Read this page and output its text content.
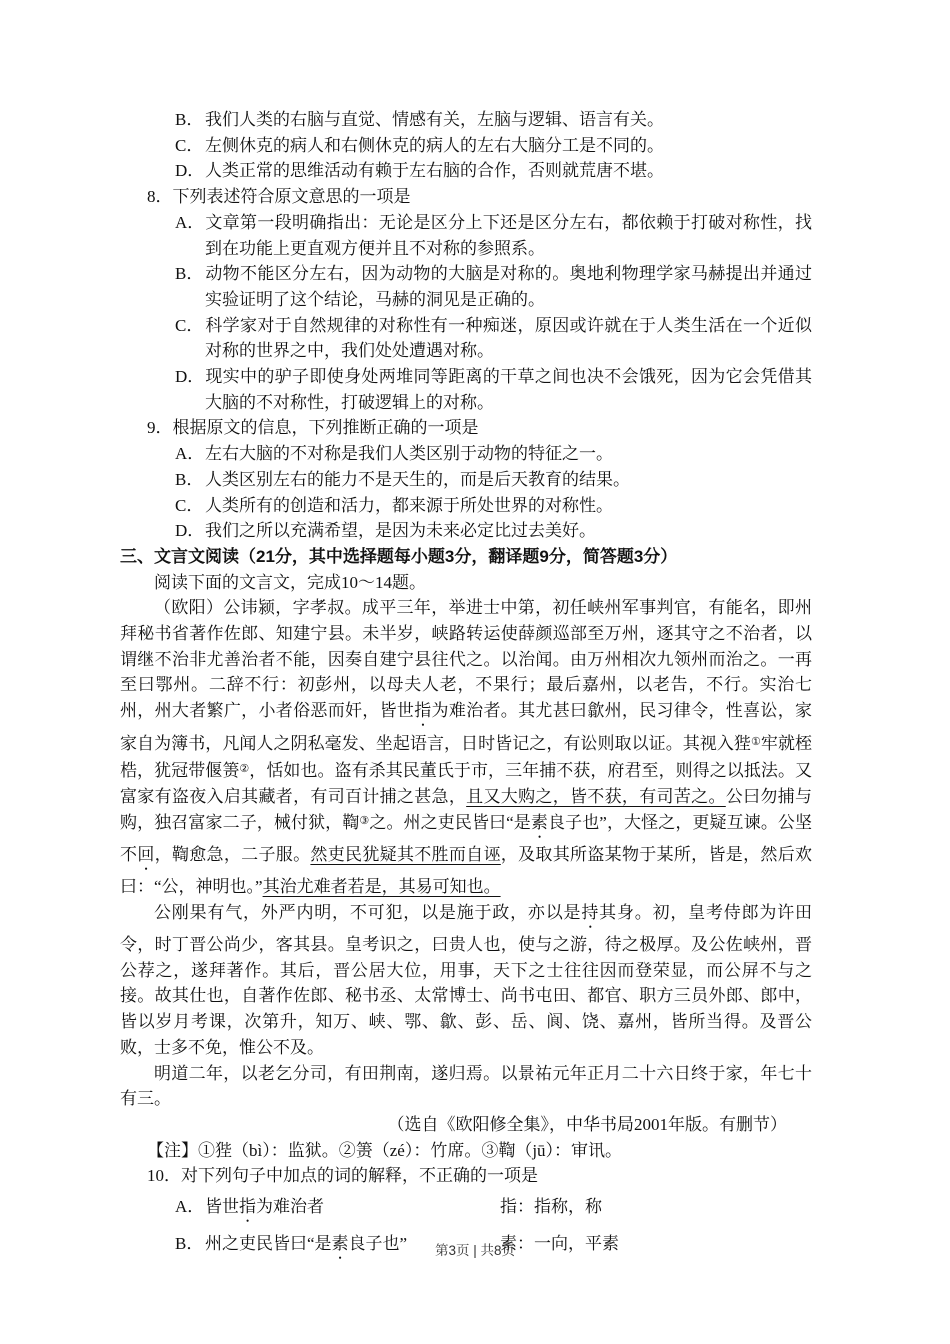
B．我们人类的右脑与直觉、情感有关，左脑与逻辑、语言有关。
C．左侧休克的病人和右侧休克的病人的左右大脑分工是不同的。
D．人类正常的思维活动有赖于左右脑的合作，否则就荒唐不堪。
8．下列表述符合原文意思的一项是
A．文章第一段明确指出：无论是区分上下还是区分左右，都依赖于打破对称性，找到在功能上更直观方便并且不对称的参照系。
B．动物不能区分左右，因为动物的大脑是对称的。奥地利物理学家马赫提出并通过实验证明了这个结论，马赫的洞见是正确的。
C．科学家对于自然规律的对称性有一种痴迷，原因或许就在于人类生活在一个近似对称的世界之中，我们处处遭遇对称。
D．现实中的驴子即使身处两堆同等距离的干草之间也决不会饿死，因为它会凭借其大脑的不对称性，打破逻辑上的对称。
9．根据原文的信息，下列推断正确的一项是
A．左右大脑的不对称是我们人类区别于动物的特征之一。
B．人类区别左右的能力不是天生的，而是后天教育的结果。
C．人类所有的创造和活力，都来源于所处世界的对称性。
D．我们之所以充满希望，是因为未来必定比过去美好。
三、文言文阅读（21分，其中选择题每小题3分，翻译题9分，简答题3分）
阅读下面的文言文，完成10～14题。
（欧阳）公讳颍，字孝叔。成平三年，举进士中第，初任峡州军事判官，有能名，即州拜秘书省著作佐郎、知建宁县。未半岁，峡路转运使薛颜巡部至万州，逐其守之不治者，以谓继不治非尤善治者不能，因奏自建宁县往代之。以治闻。由万州相次九领州而治之。一再至曰鄂州。二辞不行：初彭州，以母夫人老，不果行；最后嘉州，以老告，不行。实治七州，州大者繁广，小者俗恶而奸，皆世指为难治者。其尤甚曰歙州，民习律令，性喜讼，家家自为簿书，凡闻人之阴私毫发、坐起语言，日时皆记之，有讼则取以证。其视入狴①牢就桎梏，犹冠带偃箦②，恬如也。盗有杀其民董氏于市，三年捕不获，府君至，则得之以抵法。又富家有盗夜入启其藏者，有司百计捕之甚急，且又大购之，皆不获，有司苦之。公曰勿捕与购，独召富家二子，械付狱，鞫③之。州之吏民皆曰“是素良子也”，大怪之，更疑互谏。公坚不回，鞫愈急，二子服。然吏民犹疑其不胜而自诬，及取其所盗某物于某所，皆是，然后欢曰：“公，神明也。”其治尤难者若是，其易可知也。
公刚果有气，外严内明，不可犯，以是施于政，亦以是持其身。初，皇考侍郎为许田令，时丁晋公尚少，客其县。皇考识之，曰贵人也，使与之游，待之极厚。及公佐峡州，晋公荐之，遂拜著作。其后，晋公居大位，用事，天下之士往往因而登荣显，而公屏不与之接。故其仕也，自著作佐郎、秘书丞、太常博士、尚书屯田、都官、职方三员外郎、郎中，皆以岁月考课，次第升，知万、峡、鄂、歙、彭、岳、阆、饶、嘉州，皆所当得。及晋公败，士多不免，惟公不及。
明道二年，以老乞分司，有田荆南，遂归焉。以景祐元年正月二十六日终于家，年七十有三。
（选自《欧阳修全集》，中华书局2001年版。有删节）
【注】①狴（bì）：监狱。②箦（zé）：竹席。③鞫（jū）：审讯。
10．对下列句子中加点的词的解释，不正确的一项是
A．皆世指为难治者	指：指称，称
B．州之吏民皆曰“是素良子也”	素：一向，平素
第3页 | 共8页
